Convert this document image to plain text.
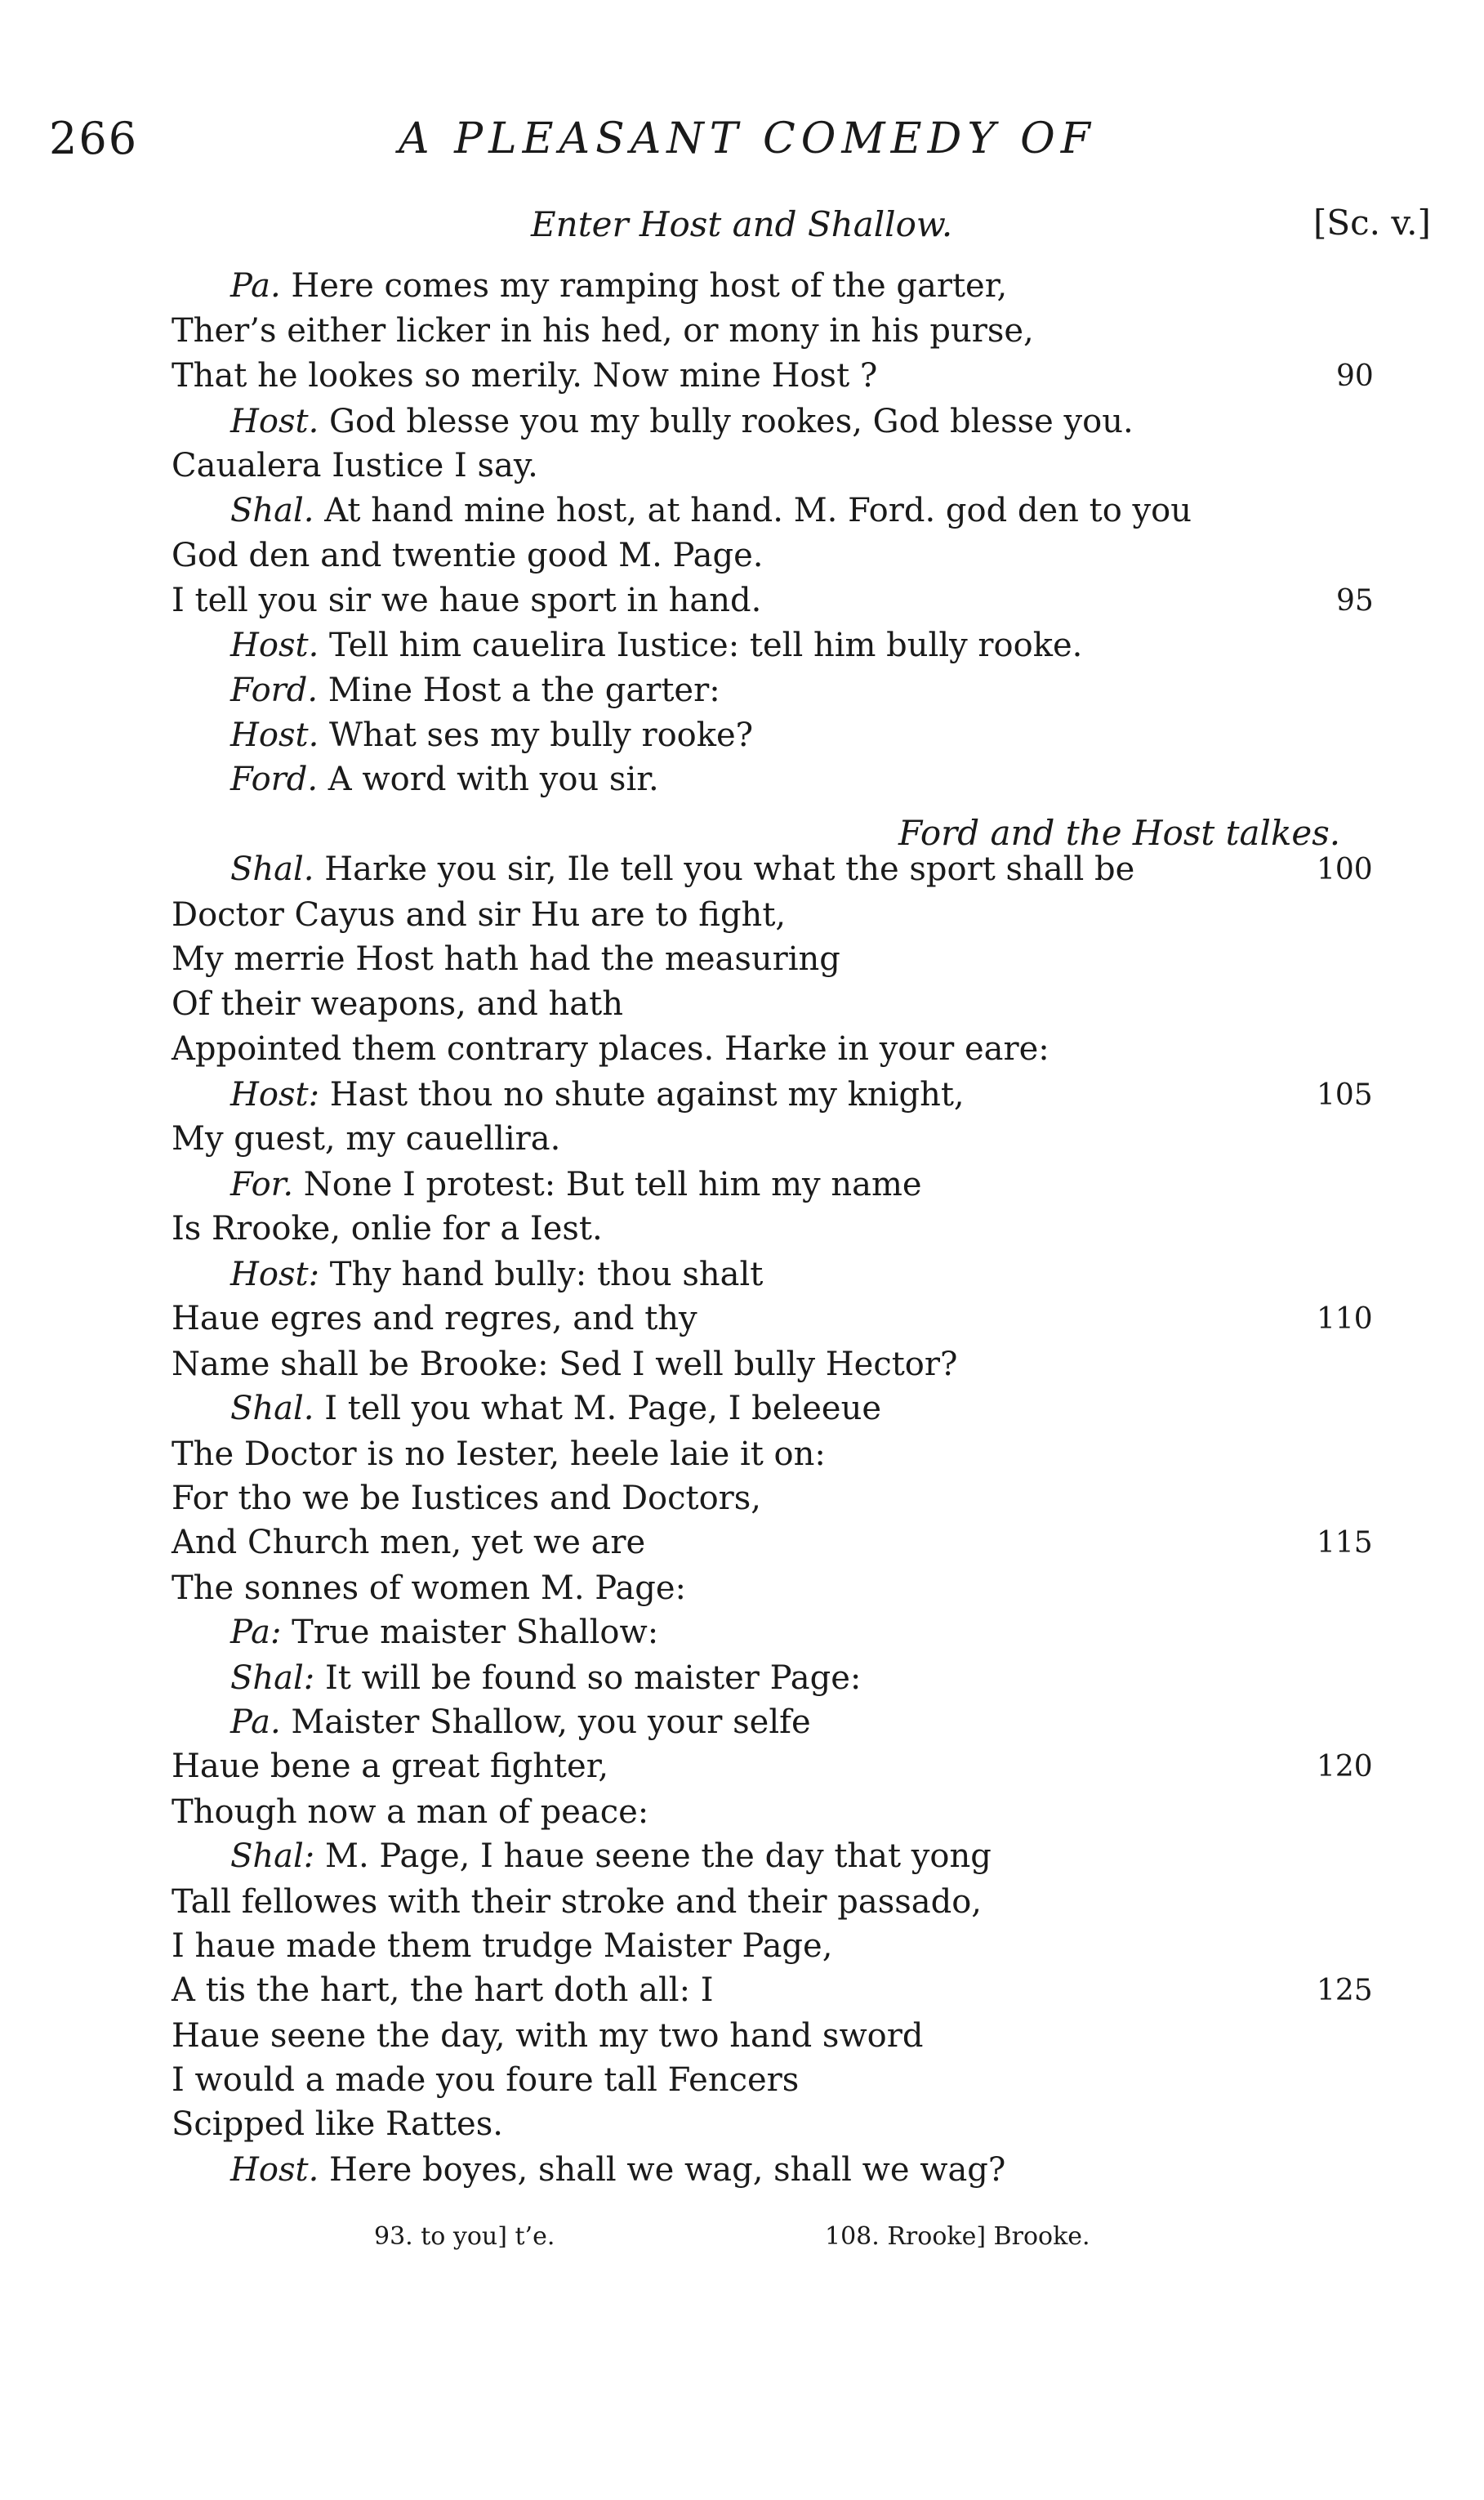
266	A PLEASANT COMEDY OF
Enter Host and Shallow.	[Sc. v.]
Pa. Here comes my ramping host of the garter,
Ther’s either licker in his hed, or mony in his purse,
That he lookes so merily. Now mine Host ?
Host. God blesse you my bully rookes, God blesse you.
Caualera Iustice I say.
Shal. At hand mine host, at hand. M. Ford. god den to you
God den and twentie good M. Page.
I tell you sir we haue sport in hand.
Host. Tell him cauelira Iustice: tell him bully rooke.
Ford. Mine Host a the garter:
Host. What ses my bully rooke?
Ford. A word with you sir.
Shal. Harke you sir, Ile tell you what the sport shall be
Doctor Cayus and sir Hu are to fight,
My merrie Host hath had the measuring
Of their weapons, and hath
Appointed them contrary places. Harke in your eare:
Host: Hast thou no shute against my knight,
My guest, my cauellira.
For. None I protest: But tell him my name
Is Rrooke, onlie for a Iest.
Host: Thy hand bully: thou shalt
Haue egres and regres, and thy
Name shall be Brooke: Sed I well bully Hector?
Shal. I tell you what M. Page, I beleeue
The Doctor is no Iester, heele laie it on:
For tho we be Iustices and Doctors,
And Church men, yet we are
The sonnes of women M. Page:
Pa: True maister Shallow:
Shal: It will be found so maister Page:
Pa. Maister Shallow, you your selfe
Haue bene a great fighter,
Though now a man of peace:
Shal: M. Page, I haue seene the day that yong
Tall fellowes with their stroke and their passado,
I haue made them trudge Maister Page,
A tis the hart, the hart doth all: I
Haue seene the day, with my two hand sword
I would a made you foure tall Fencers
Scipped like Rattes.
Host. Here boyes, shall we wag, shall we wag?
Ford and the Host talkes.
90
95
100
105
110
115
120
125
93. to you] t’e.	108. Rrooke] Brooke.
